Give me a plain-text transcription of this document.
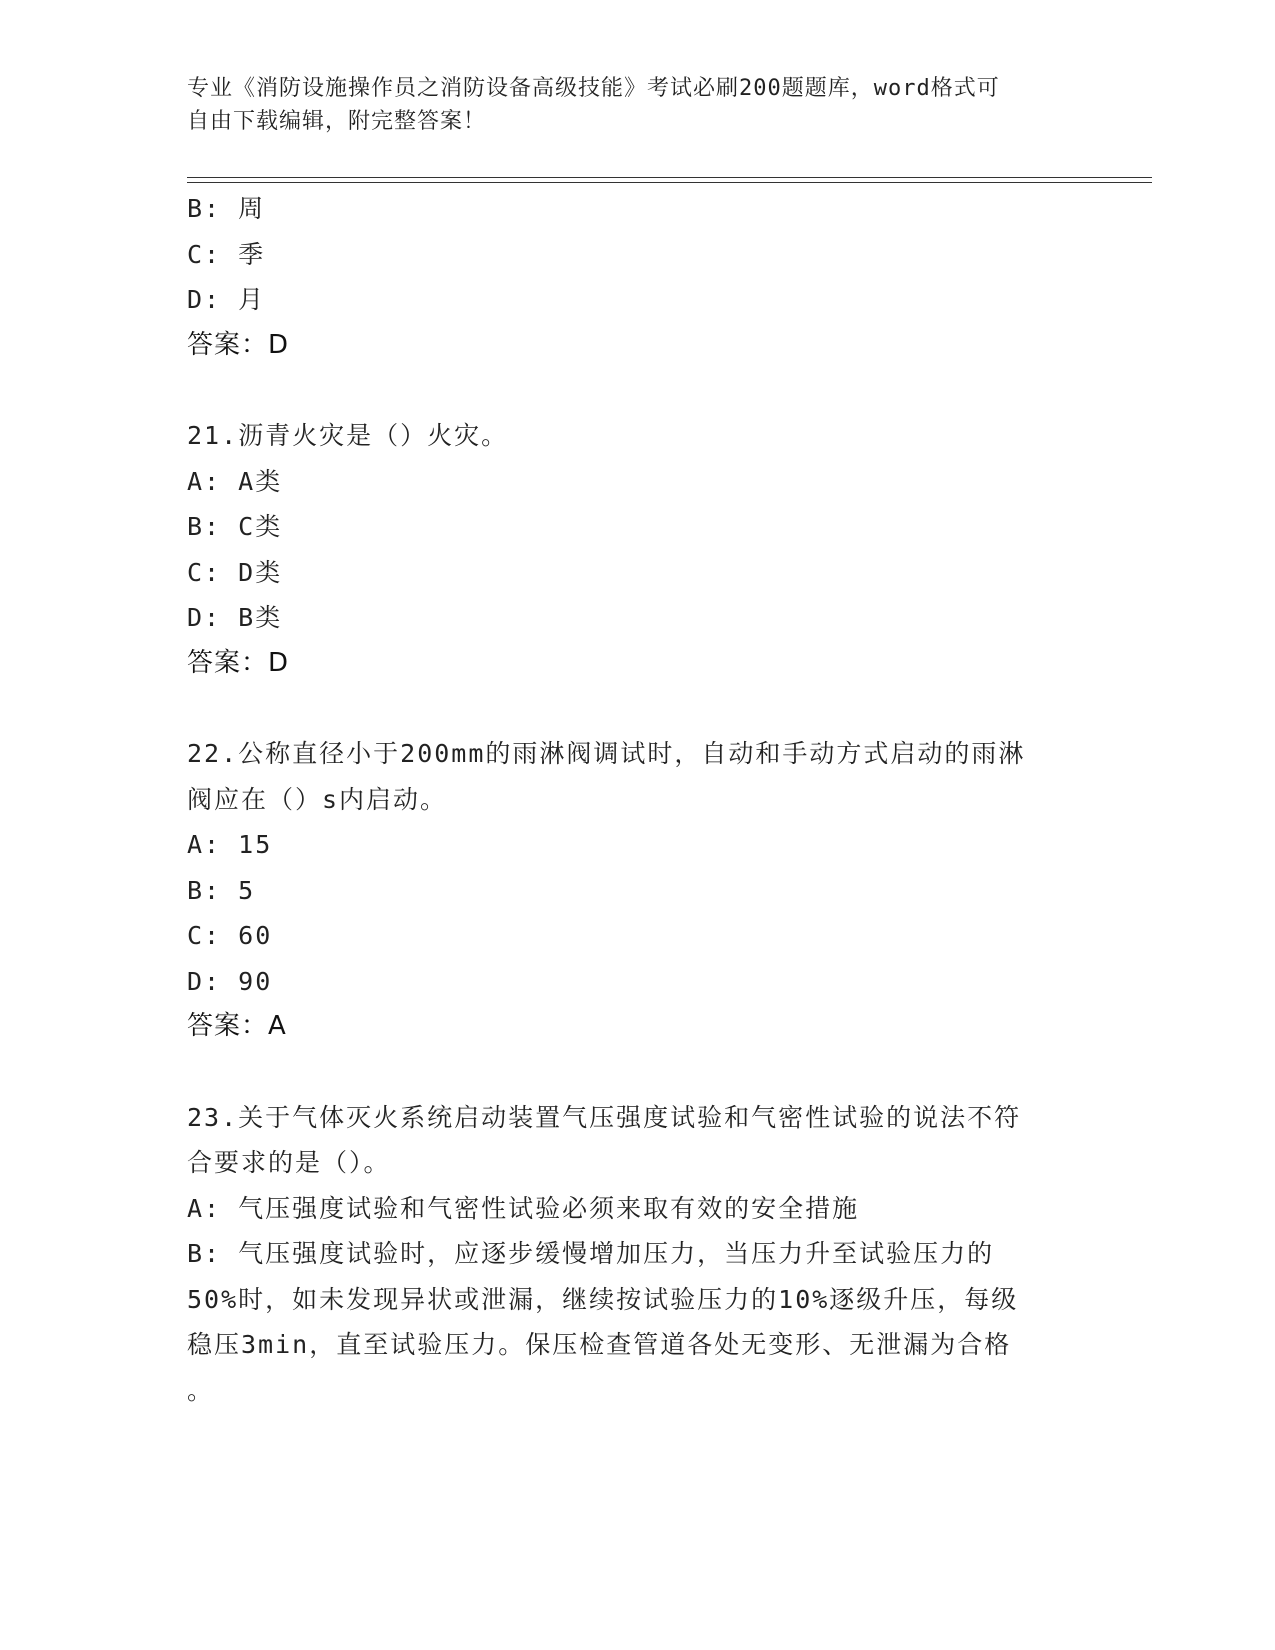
专业《消防设施操作员之消防设备高级技能》考试必刷200题题库，word格式可
自由下载编辑，附完整答案！

B: 周

C: 季

D: 月

答案：D

21.沥青火灾是（）火灾。

A: A类

B: C类

C: D类

D: B类

答案：D

22.公称直径小于200mm的雨淋阀调试时，自动和手动方式启动的雨淋

阀应在（）s内启动。

A: 15

B: 5

C: 60

D: 90

答案：A

23.关于气体灭火系统启动装置气压强度试验和气密性试验的说法不符

合要求的是（）。

A: 气压强度试验和气密性试验必须来取有效的安全措施

B: 气压强度试验时，应逐步缓慢增加压力，当压力升至试验压力的

50%时，如未发现异状或泄漏，继续按试验压力的10%逐级升压，每级

稳压3min，直至试验压力。保压检查管道各处无变形、无泄漏为合格

。
